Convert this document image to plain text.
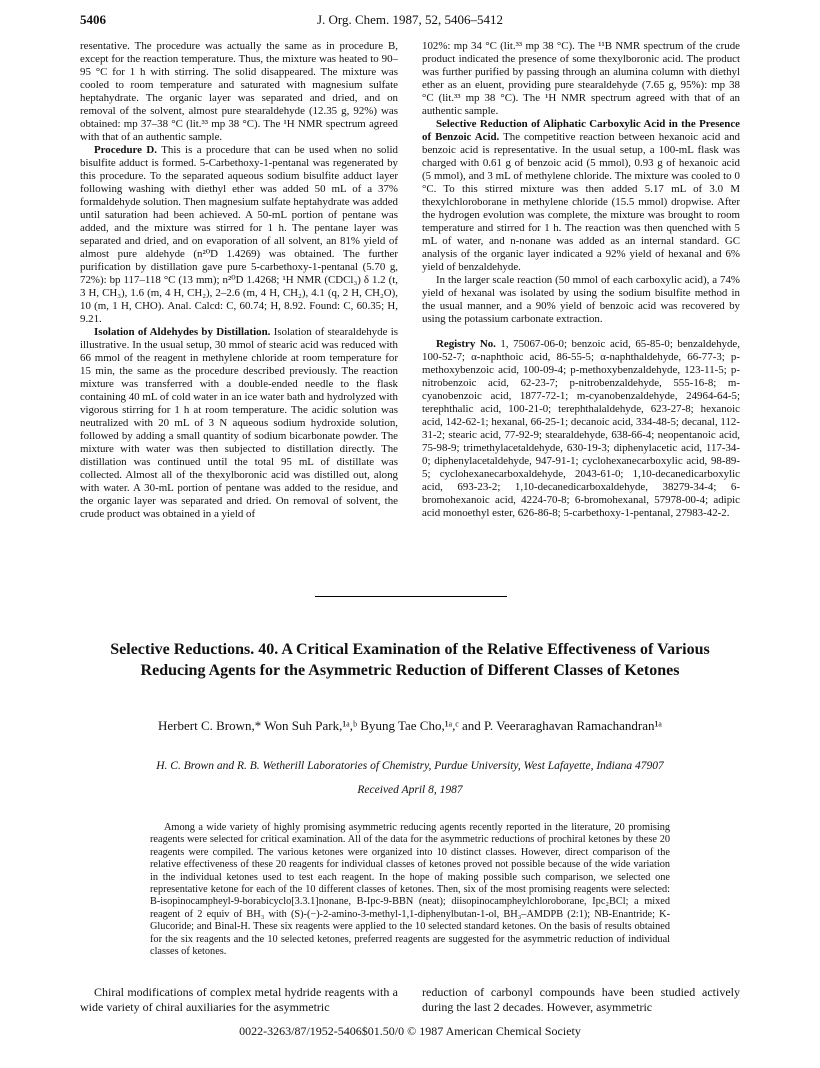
5406	J. Org. Chem. 1987, 52, 5406–5412

resentative. The procedure was actually the same as in procedure B, except for the reaction temperature. Thus, the mixture was heated to 90–95 °C for 1 h with stirring. The solid disappeared. The mixture was cooled to room temperature and saturated with magnesium sulfate heptahydrate. The organic layer was separated and dried, and on removal of the solvent, almost pure stearaldehyde (12.35 g, 92%) was obtained: mp 37–38 °C (lit.³³ mp 38 °C). The ¹H NMR spectrum agreed with that of an authentic sample.

Procedure D. This is a procedure that can be used when no solid bisulfite adduct is formed. 5-Carbethoxy-1-pentanal was regenerated by this procedure. To the separated aqueous sodium bisulfite adduct layer following washing with diethyl ether was added 50 mL of a 37% formaldehyde solution. Then magnesium sulfate heptahydrate was added until saturation had been achieved. A 50-mL portion of pentane was added, and the mixture was stirred for 1 h. The pentane layer was separated and dried, and on evaporation of all solvent, an 81% yield of almost pure aldehyde (n²⁰D 1.4269) was obtained. The further purification by distillation gave pure 5-carbethoxy-1-pentanal (5.70 g, 72%): bp 117–118 °C (13 mm); n²⁰D 1.4268; ¹H NMR (CDCl₃) δ 1.2 (t, 3 H, CH₃), 1.6 (m, 4 H, CH₂), 2–2.6 (m, 4 H, CH₂), 4.1 (q, 2 H, CH₂O), 10 (m, 1 H, CHO). Anal. Calcd: C, 60.74; H, 8.92. Found: C, 60.35; H, 9.21.

Isolation of Aldehydes by Distillation. Isolation of stearaldehyde is illustrative. In the usual setup, 30 mmol of stearic acid was reduced with 66 mmol of the reagent in methylene chloride at room temperature for 15 min, the same as the procedure described previously. The reaction mixture was transferred with a double-ended needle to the flask containing 40 mL of cold water in an ice water bath and hydrolyzed with vigorous stirring for 1 h at room temperature. The acidic solution was neutralized with 20 mL of 3 N aqueous sodium hydroxide solution, followed by adding a small quantity of sodium bicarbonate powder. The mixture with water was then subjected to distillation directly. The distillation was continued until the total 95 mL of distillate was collected. Almost all of the thexylboronic acid was distilled out, along with water. A 30-mL portion of pentane was added to the residue, and the organic layer was separated and dried. On removal of solvent, the crude product was obtained in a yield of

102%: mp 34 °C (lit.³³ mp 38 °C). The ¹¹B NMR spectrum of the crude product indicated the presence of some thexylboronic acid. The product was further purified by passing through an alumina column with diethyl ether as an eluent, providing pure stearaldehyde (7.65 g, 95%): mp 38 °C (lit.³³ mp 38 °C). The ¹H NMR spectrum agreed with that of an authentic sample.

Selective Reduction of Aliphatic Carboxylic Acid in the Presence of Benzoic Acid. The competitive reaction between hexanoic acid and benzoic acid is representative. In the usual setup, a 100-mL flask was charged with 0.61 g of benzoic acid (5 mmol), 0.93 g of hexanoic acid (5 mmol), and 3 mL of methylene chloride. The mixture was cooled to 0 °C. To this stirred mixture was then added 5.17 mL of 3.0 M thexylchloroborane in methylene chloride (15.5 mmol) dropwise. After the hydrogen evolution was complete, the mixture was brought to room temperature and stirred for 1 h. The reaction was then quenched with 5 mL of water, and n-nonane was added as an internal standard. GC analysis of the organic layer indicated a 92% yield of hexanal and 6% yield of benzaldehyde.

In the larger scale reaction (50 mmol of each carboxylic acid), a 74% yield of hexanal was isolated by using the sodium bisulfite method in the usual manner, and a 90% yield of benzoic acid was recovered by using the potassium carbonate extraction.

Registry No. 1, 75067-06-0; benzoic acid, 65-85-0; benzaldehyde, 100-52-7; α-naphthoic acid, 86-55-5; α-naphthaldehyde, 66-77-3; p-methoxybenzoic acid, 100-09-4; p-methoxybenzaldehyde, 123-11-5; p-nitrobenzoic acid, 62-23-7; p-nitrobenzaldehyde, 555-16-8; m-cyanobenzoic acid, 1877-72-1; m-cyanobenzaldehyde, 24964-64-5; terephthalic acid, 100-21-0; terephthalaldehyde, 623-27-8; hexanoic acid, 142-62-1; hexanal, 66-25-1; decanoic acid, 334-48-5; decanal, 112-31-2; stearic acid, 77-92-9; stearaldehyde, 638-66-4; neopentanoic acid, 75-98-9; trimethylacetaldehyde, 630-19-3; diphenylacetic acid, 117-34-0; diphenylacetaldehyde, 947-91-1; cyclohexanecarboxylic acid, 98-89-5; cyclohexanecarboxaldehyde, 2043-61-0; 1,10-decanedicarboxylic acid, 693-23-2; 1,10-decanedicarboxaldehyde, 38279-34-4; 6-bromohexanoic acid, 4224-70-8; 6-bromohexanal, 57978-00-4; adipic acid monoethyl ester, 626-86-8; 5-carbethoxy-1-pentanal, 27983-42-2.

Selective Reductions. 40. A Critical Examination of the Relative Effectiveness of Various Reducing Agents for the Asymmetric Reduction of Different Classes of Ketones
Herbert C. Brown,* Won Suh Park,¹ᵃ,ᵇ Byung Tae Cho,¹ᵃ,ᶜ and P. Veeraraghavan Ramachandran¹ᵃ
H. C. Brown and R. B. Wetherill Laboratories of Chemistry, Purdue University, West Lafayette, Indiana 47907
Received April 8, 1987

Among a wide variety of highly promising asymmetric reducing agents recently reported in the literature, 20 promising reagents were selected for critical examination. All of the data for the asymmetric reductions of prochiral ketones by these 20 reagents were compiled. The various ketones were organized into 10 distinct classes. However, direct comparison of the relative effectiveness of these 20 reagents for individual classes of ketones proved not possible because of the wide variation in the individual ketones used to test each reagent. In the hope of making possible such comparison, we selected one representative ketone for each of the 10 different classes of ketones. Then, six of the most promising reagents were selected: B-isopinocampheyl-9-borabicyclo[3.3.1]nonane, B-Ipc-9-BBN (neat); diisopinocampheylchloroborane, Ipc₂BCl; a mixed reagent of 2 equiv of BH₃ with (S)-(−)-2-amino-3-methyl-1,1-diphenylbutan-1-ol, BH₃–AMDPB (2:1); NB-Enantride; K-Glucoride; and Binal-H. These six reagents were applied to the 10 selected standard ketones. On the basis of results obtained for the six reagents and the 10 selected ketones, preferred reagents are suggested for the asymmetric reduction of individual classes of ketones.

Chiral modifications of complex metal hydride reagents with a wide variety of chiral auxiliaries for the asymmetric

reduction of carbonyl compounds have been studied actively during the last 2 decades. However, asymmetric

0022-3263/87/1952-5406$01.50/0 © 1987 American Chemical Society
